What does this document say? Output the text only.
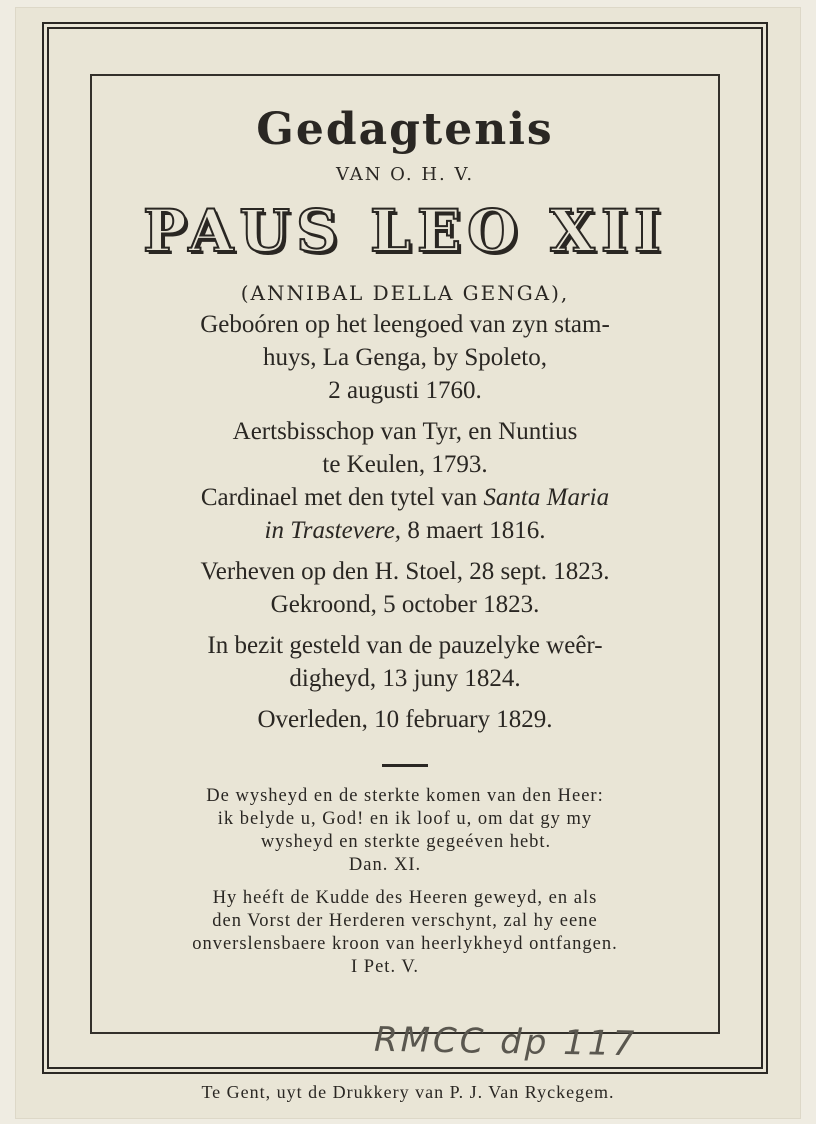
Gedagtenis
VAN O. H. V.
PAUS LEO XII
(ANNIBAL DELLA GENGA),

Geboóren op het leengoed van zyn stam-

huys, La Genga, by Spoleto,

2 augusti 1760.

Aertsbisschop van Tyr, en Nuntius

te Keulen, 1793.

Cardinael met den tytel van Santa Maria

in Trastevere, 8 maert 1816.

Verheven op den H. Stoel, 28 sept. 1823.

Gekroond, 5 october 1823.

In bezit gesteld van de pauzelyke weêr-

digheyd, 13 juny 1824.

Overleden, 10 february 1829.

De wysheyd en de sterkte komen van den Heer:

ik belyde u, God! en ik loof u, om dat gy my

wysheyd en sterkte gegeéven hebt.

Dan. XI.

Hy heéft de Kudde des Heeren geweyd, en als

den Vorst der Herderen verschynt, zal hy eene

onverslensbaere kroon van heerlykheyd ontfangen.

I Pet. V.

RMCC dp 117
Te Gent, uyt de Drukkery van P. J. Van Ryckegem.
